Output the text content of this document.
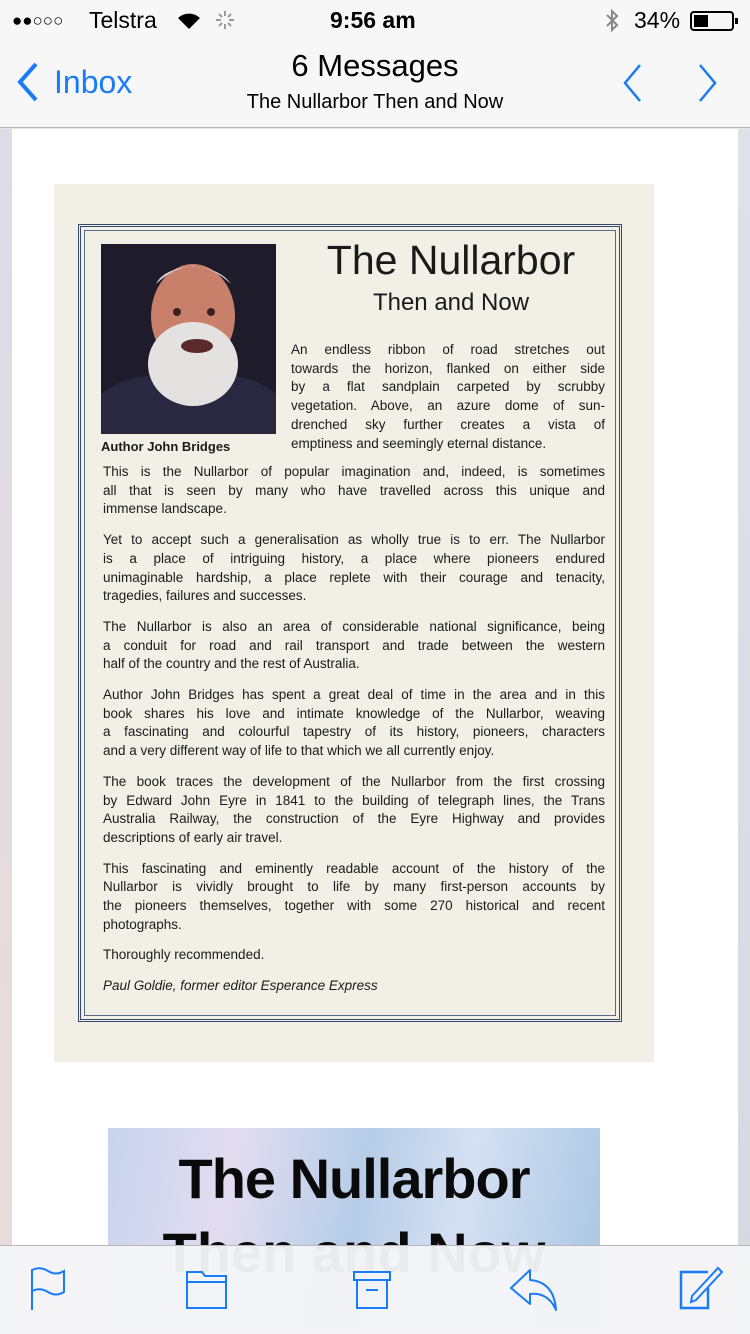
●●○○○ Telstra	9:56 am	34%
Inbox	6 Messages
The Nullarbor Then and Now
Author John Bridges
The Nullarbor
Then and Now
An endless ribbon of road stretches out
towards the horizon, flanked on either side
by a flat sandplain carpeted by scrubby
vegetation. Above, an azure dome of sun-
drenched sky further creates a vista of
emptiness and seemingly eternal distance.
This is the Nullarbor of popular imagination and, indeed, is sometimes
all that is seen by many who have travelled across this unique and
immense landscape.
Yet to accept such a generalisation as wholly true is to err. The Nullarbor
is a place of intriguing history, a place where pioneers endured
unimaginable hardship, a place replete with their courage and tenacity,
tragedies, failures and successes.
The Nullarbor is also an area of considerable national significance, being
a conduit for road and rail transport and trade between the western
half of the country and the rest of Australia.
Author John Bridges has spent a great deal of time in the area and in this
book shares his love and intimate knowledge of the Nullarbor, weaving
a fascinating and colourful tapestry of its history, pioneers, characters
and a very different way of life to that which we all currently enjoy.
The book traces the development of the Nullarbor from the first crossing
by Edward John Eyre in 1841 to the building of telegraph lines, the Trans
Australia Railway, the construction of the Eyre Highway and provides
descriptions of early air travel.
This fascinating and eminently readable account of the history of the
Nullarbor is vividly brought to life by many first-person accounts by
the pioneers themselves, together with some 270 historical and recent
photographs.
Thoroughly recommended.
Paul Goldie, former editor Esperance Express
The Nullarbor
